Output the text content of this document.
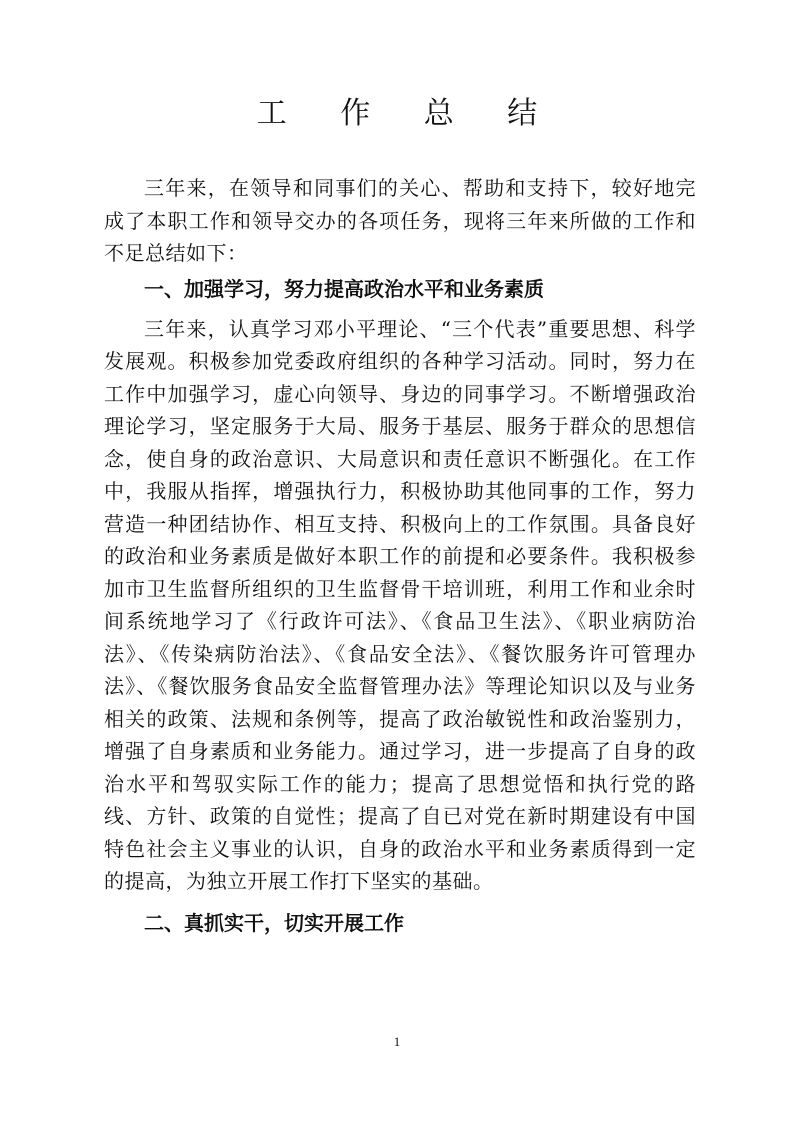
工 作 总 结

三年来，在领导和同事们的关心、帮助和支持下，较好地完成了本职工作和领导交办的各项任务，现将三年来所做的工作和不足总结如下：

一、加强学习，努力提高政治水平和业务素质

三年来，认真学习邓小平理论、“三个代表”重要思想、科学发展观。积极参加党委政府组织的各种学习活动。同时，努力在工作中加强学习，虚心向领导、身边的同事学习。不断增强政治理论学习，坚定服务于大局、服务于基层、服务于群众的思想信念，使自身的政治意识、大局意识和责任意识不断强化。在工作中，我服从指挥，增强执行力，积极协助其他同事的工作，努力营造一种团结协作、相互支持、积极向上的工作氛围。具备良好的政治和业务素质是做好本职工作的前提和必要条件。我积极参加市卫生监督所组织的卫生监督骨干培训班，利用工作和业余时间系统地学习了《行政许可法》、《食品卫生法》、《职业病防治法》、《传染病防治法》、《食品安全法》、《餐饮服务许可管理办法》、《餐饮服务食品安全监督管理办法》等理论知识以及与业务相关的政策、法规和条例等，提高了政治敏锐性和政治鉴别力，增强了自身素质和业务能力。通过学习，进一步提高了自身的政治水平和驾驭实际工作的能力；提高了思想觉悟和执行党的路线、方针、政策的自觉性；提高了自已对党在新时期建设有中国特色社会主义事业的认识，自身的政治水平和业务素质得到一定的提高，为独立开展工作打下坚实的基础。

二、真抓实干，切实开展工作

1
